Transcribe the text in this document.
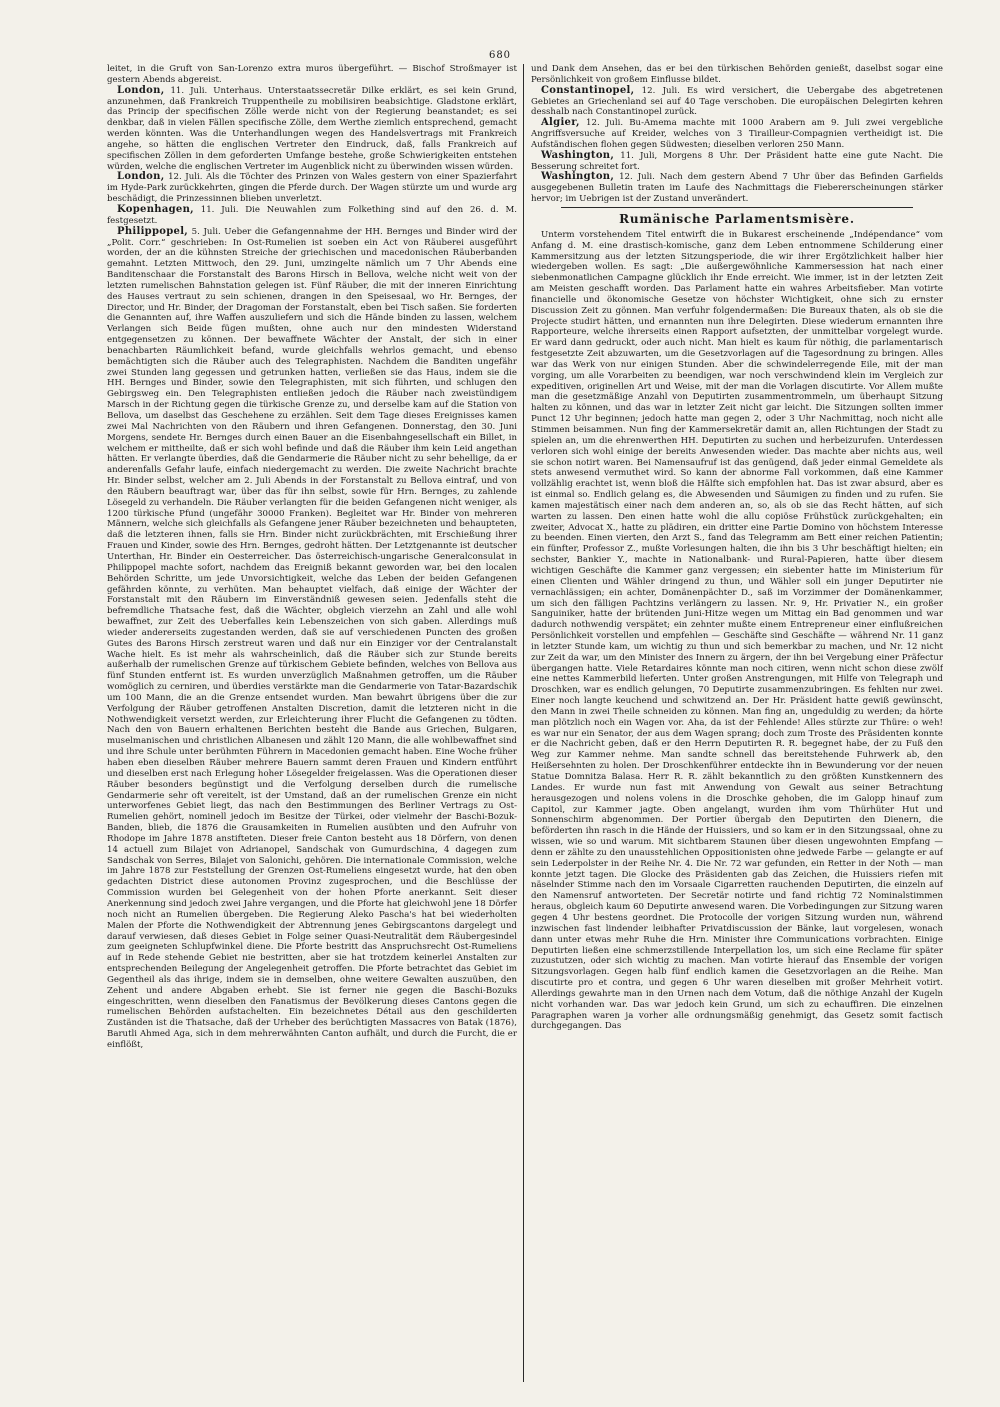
680

leitet, in die Gruft von San-Lorenzo extra muros übergeführt. — Bischof Stroßmayer ist gestern Abends abgereist.

London, 11. Juli. Unterhaus. Unterstaatssecretär Dilke erklärt, es sei kein Grund, anzunehmen, daß Frankreich Truppentheile zu mobilisiren beabsichtige. Gladstone erklärt, das Princip der specifischen Zölle werde nicht von der Regierung beanstandet; es sei denkbar, daß in vielen Fällen specifische Zölle, dem Werthe ziemlich entsprechend, gemacht werden könnten. Was die Unterhandlungen wegen des Handelsvertrags mit Frankreich angehe, so hätten die englischen Vertreter den Eindruck, daß, falls Frankreich auf specifischen Zöllen in dem geforderten Umfange bestehe, große Schwierigkeiten entstehen würden, welche die englischen Vertreter im Augenblick nicht zu überwinden wissen würden.

London, 12. Juli. Als die Töchter des Prinzen von Wales gestern von einer Spazierfahrt im Hyde-Park zurückkehrten, gingen die Pferde durch. Der Wagen stürzte um und wurde arg beschädigt, die Prinzessinnen blieben unverletzt.

Kopenhagen, 11. Juli. Die Neuwahlen zum Folkething sind auf den 26. d. M. festgesetzt.

Philippopel, 5. Juli. Ueber die Gefangennahme der HH. Bernges und Binder wird der „Polit. Corr.“ geschrieben: In Ost-Rumelien ist soeben ein Act von Räuberei ausgeführt worden, der an die kühnsten Streiche der griechischen und macedonischen Räuberbanden gemahnt. Letzten Mittwoch, den 29. Juni, umzingelte nämlich um 7 Uhr Abends eine Banditenschaar die Forstanstalt des Barons Hirsch in Bellova, welche nicht weit von der letzten rumelischen Bahnstation gelegen ist. Fünf Räuber, die mit der inneren Einrichtung des Hauses vertraut zu sein schienen, drangen in den Speisesaal, wo Hr. Bernges, der Director, und Hr. Binder, der Dragoman der Forstanstalt, eben bei Tisch saßen. Sie forderten die Genannten auf, ihre Waffen auszuliefern und sich die Hände binden zu lassen, welchem Verlangen sich Beide fügen mußten, ohne auch nur den mindesten Widerstand entgegensetzen zu können. Der bewaffnete Wächter der Anstalt, der sich in einer benachbarten Räumlichkeit befand, wurde gleichfalls wehrlos gemacht, und ebenso bemächtigten sich die Räuber auch des Telegraphisten. Nachdem die Banditen ungefähr zwei Stunden lang gegessen und getrunken hatten, verließen sie das Haus, indem sie die HH. Bernges und Binder, sowie den Telegraphisten, mit sich führten, und schlugen den Gebirgsweg ein. Den Telegraphisten entließen jedoch die Räuber nach zweistündigem Marsch in der Richtung gegen die türkische Grenze zu, und derselbe kam auf die Station von Bellova, um daselbst das Geschehene zu erzählen. Seit dem Tage dieses Ereignisses kamen zwei Mal Nachrichten von den Räubern und ihren Gefangenen. Donnerstag, den 30. Juni Morgens, sendete Hr. Bernges durch einen Bauer an die Eisenbahngesellschaft ein Billet, in welchem er mittheilte, daß er sich wohl befinde und daß die Räuber ihm kein Leid angethan hätten. Er verlangte überdies, daß die Gendarmerie die Räuber nicht zu sehr behellige, da er anderenfalls Gefahr laufe, einfach niedergemacht zu werden. Die zweite Nachricht brachte Hr. Binder selbst, welcher am 2. Juli Abends in der Forstanstalt zu Bellova eintraf, und von den Räubern beauftragt war, über das für ihn selbst, sowie für Hrn. Bernges, zu zahlende Lösegeld zu verhandeln. Die Räuber verlangten für die beiden Gefangenen nicht weniger, als 1200 türkische Pfund (ungefähr 30000 Franken). Begleitet war Hr. Binder von mehreren Männern, welche sich gleichfalls als Gefangene jener Räuber bezeichneten und behaupteten, daß die letzteren ihnen, falls sie Hrn. Binder nicht zurückbrächten, mit Erschießung ihrer Frauen und Kinder, sowie des Hrn. Bernges, gedroht hätten. Der Letztgenannte ist deutscher Unterthan, Hr. Binder ein Oesterreicher. Das österreichisch-ungarische Generalconsulat in Philippopel machte sofort, nachdem das Ereigniß bekannt geworden war, bei den localen Behörden Schritte, um jede Unvorsichtigkeit, welche das Leben der beiden Gefangenen gefährden könnte, zu verhüten. Man behauptet vielfach, daß einige der Wächter der Forstanstalt mit den Räubern im Einverständniß gewesen seien. Jedenfalls steht die befremdliche Thatsache fest, daß die Wächter, obgleich vierzehn an Zahl und alle wohl bewaffnet, zur Zeit des Ueberfalles kein Lebenszeichen von sich gaben. Allerdings muß wieder andererseits zugestanden werden, daß sie auf verschiedenen Puncten des großen Gutes des Barons Hirsch zerstreut waren und daß nur ein Einziger vor der Centralanstalt Wache hielt. Es ist mehr als wahrscheinlich, daß die Räuber sich zur Stunde bereits außerhalb der rumelischen Grenze auf türkischem Gebiete befinden, welches von Bellova aus fünf Stunden entfernt ist. Es wurden unverzüglich Maßnahmen getroffen, um die Räuber womöglich zu cerniren, und überdies verstärkte man die Gendarmerie von Tatar-Bazardschik um 100 Mann, die an die Grenze entsendet wurden. Man bewahrt übrigens über die zur Verfolgung der Räuber getroffenen Anstalten Discretion, damit die letzteren nicht in die Nothwendigkeit versetzt werden, zur Erleichterung ihrer Flucht die Gefangenen zu tödten. Nach den von Bauern erhaltenen Berichten besteht die Bande aus Griechen, Bulgaren, muselmanischen und christlichen Albanesen und zählt 120 Mann, die alle wohlbewaffnet sind und ihre Schule unter berühmten Führern in Macedonien gemacht haben. Eine Woche früher haben eben dieselben Räuber mehrere Bauern sammt deren Frauen und Kindern entführt und dieselben erst nach Erlegung hoher Lösegelder freigelassen. Was die Operationen dieser Räuber besonders begünstigt und die Verfolgung derselben durch die rumelische Gendarmerie sehr oft vereitelt, ist der Umstand, daß an der rumelischen Grenze ein nicht unterworfenes Gebiet liegt, das nach den Bestimmungen des Berliner Vertrags zu Ost-Rumelien gehört, nominell jedoch im Besitze der Türkei, oder vielmehr der Baschi-Bozuk-Banden, blieb, die 1876 die Grausamkeiten in Rumelien ausübten und den Aufruhr von Rhodope im Jahre 1878 anstifteten. Dieser freie Canton besteht aus 18 Dörfern, von denen 14 actuell zum Bilajet von Adrianopel, Sandschak von Gumurdschina, 4 dagegen zum Sandschak von Serres, Bilajet von Salonichi, gehören. Die internationale Commission, welche im Jahre 1878 zur Feststellung der Grenzen Ost-Rumeliens eingesetzt wurde, hat den oben gedachten District diese autonomen Provinz zugesprochen, und die Beschlüsse der Commission wurden bei Gelegenheit von der hohen Pforte anerkannt. Seit dieser Anerkennung sind jedoch zwei Jahre vergangen, und die Pforte hat gleichwohl jene 18 Dörfer noch nicht an Rumelien übergeben. Die Regierung Aleko Pascha's hat bei wiederholten Malen der Pforte die Nothwendigkeit der Abtrennung jenes Gebirgscantons dargelegt und darauf verwiesen, daß dieses Gebiet in Folge seiner Quasi-Neutralität dem Räubergesindel zum geeigneten Schlupfwinkel diene. Die Pforte bestritt das Anspruchsrecht Ost-Rumeliens auf in Rede stehende Gebiet nie bestritten, aber sie hat trotzdem keinerlei Anstalten zur entsprechenden Beilegung der Angelegenheit getroffen. Die Pforte betrachtet das Gebiet im Gegentheil als das ihrige, indem sie in demselben, ohne weitere Gewalten auszuüben, den Zehent und andere Abgaben erhebt. Sie ist ferner nie gegen die Baschi-Bozuks eingeschritten, wenn dieselben den Fanatismus der Bevölkerung dieses Cantons gegen die rumelischen Behörden aufstachelten. Ein bezeichnetes Détail aus den geschilderten Zuständen ist die Thatsache, daß der Urheber des berüchtigten Massacres von Batak (1876), Barutli Ahmed Aga, sich in dem mehrerwähnten Canton aufhält, und durch die Furcht, die er einflößt,

und Dank dem Ansehen, das er bei den türkischen Behörden genießt, daselbst sogar eine Persönlichkeit von großem Einflusse bildet.

Constantinopel, 12. Juli. Es wird versichert, die Uebergabe des abgetretenen Gebietes an Griechenland sei auf 40 Tage verschoben. Die europäischen Delegirten kehren desshalb nach Constantinopel zurück.

Algier, 12. Juli. Bu-Amema machte mit 1000 Arabern am 9. Juli zwei vergebliche Angriffsversuche auf Kreider, welches von 3 Tirailleur-Compagnien vertheidigt ist. Die Aufständischen flohen gegen Südwesten; dieselben verloren 250 Mann.

Washington, 11. Juli, Morgens 8 Uhr. Der Präsident hatte eine gute Nacht. Die Besserung schreitet fort.

Washington, 12. Juli. Nach dem gestern Abend 7 Uhr über das Befinden Garfields ausgegebenen Bulletin traten im Laufe des Nachmittags die Fiebererscheinungen stärker hervor; im Uebrigen ist der Zustand unverändert.

Rumänische Parlamentsmisère.

Unterm vorstehendem Titel entwirft die in Bukarest erscheinende „Indépendance“ vom Anfang d. M. eine drastisch-komische, ganz dem Leben entnommene Schilderung einer Kammersitzung aus der letzten Sitzungsperiode, die wir ihrer Ergötzlichkeit halber hier wiedergeben wollen. Es sagt: „Die außergewöhnliche Kammersession hat nach einer siebenmonatlichen Campagne glücklich ihr Ende erreicht. Wie immer, ist in der letzten Zeit am Meisten geschafft worden. Das Parlament hatte ein wahres Arbeitsfieber. Man votirte financielle und ökonomische Gesetze von höchster Wichtigkeit, ohne sich zu ernster Discussion Zeit zu gönnen. Man verfuhr folgendermaßen: Die Bureaux thaten, als ob sie die Projecte studirt hätten, und ernannten nun ihre Delegirten. Diese wiederum ernannten ihre Rapporteure, welche ihrerseits einen Rapport aufsetzten, der unmittelbar vorgelegt wurde. Er ward dann gedruckt, oder auch nicht. Man hielt es kaum für nöthig, die parlamentarisch festgesetzte Zeit abzuwarten, um die Gesetzvorlagen auf die Tagesordnung zu bringen. Alles war das Werk von nur einigen Stunden. Aber die schwindelerregende Eile, mit der man vorging, um alle Vorarbeiten zu beendigen, war noch verschwindend klein im Vergleich zur expeditiven, originellen Art und Weise, mit der man die Vorlagen discutirte. Vor Allem mußte man die gesetzmäßige Anzahl von Deputirten zusammentrommeln, um überhaupt Sitzung halten zu können, und das war in letzter Zeit nicht gar leicht. Die Sitzungen sollten immer Punct 12 Uhr beginnen; jedoch hatte man gegen 2, oder 3 Uhr Nachmittag, noch nicht alle Stimmen beisammen. Nun fing der Kammersekretär damit an, allen Richtungen der Stadt zu spielen an, um die ehrenwerthen HH. Deputirten zu suchen und herbeizurufen. Unterdessen verloren sich wohl einige der bereits Anwesenden wieder. Das machte aber nichts aus, weil sie schon notirt waren. Bei Namensaufruf ist das genügend, daß jeder einmal Gemeldete als stets anwesend vermuthet wird. So kann der abnorme Fall vorkommen, daß eine Kammer vollzählig erachtet ist, wenn bloß die Hälfte sich empfohlen hat. Das ist zwar absurd, aber es ist einmal so. Endlich gelang es, die Abwesenden und Säumigen zu finden und zu rufen. Sie kamen majestätisch einer nach dem anderen an, so, als ob sie das Recht hätten, auf sich warten zu lassen. Den einen hatte wohl die allu copiöse Frühstück zurückgehalten; ein zweiter, Advocat X., hatte zu plädiren, ein dritter eine Partie Domino von höchstem Interesse zu beenden. Einen vierten, den Arzt S., fand das Telegramm am Bett einer reichen Patientin; ein fünfter, Professor Z., mußte Vorlesungen halten, die ihn bis 3 Uhr beschäftigt hielten; ein sechster, Bankier Y., machte in Nationalbank- und Rural-Papieren, hatte über diesem wichtigen Geschäfte die Kammer ganz vergessen; ein siebenter hatte im Ministerium für einen Clienten und Wähler dringend zu thun, und Wähler soll ein junger Deputirter nie vernachlässigen; ein achter, Domänenpächter D., saß im Vorzimmer der Domänenkammer, um sich den fälligen Pachtzins verlängern zu lassen. Nr. 9, Hr. Privatier N., ein großer Sanguiniker, hatte der brütenden Juni-Hitze wegen um Mittag ein Bad genommen und war dadurch nothwendig verspätet; ein zehnter mußte einem Entrepreneur einer einflußreichen Persönlichkeit vorstellen und empfehlen — Geschäfte sind Geschäfte — während Nr. 11 ganz in letzter Stunde kam, um wichtig zu thun und sich bemerkbar zu machen, und Nr. 12 nicht zur Zeit da war, um den Minister des Innern zu ärgern, der ihn bei Vergebung einer Präfectur übergangen hatte. Viele Retardaires könnte man noch citiren, wenn nicht schon diese zwölf eine nettes Kammerbild lieferten. Unter großen Anstrengungen, mit Hilfe von Telegraph und Droschken, war es endlich gelungen, 70 Deputirte zusammenzubringen. Es fehlten nur zwei. Einer noch langte keuchend und schwitzend an. Der Hr. Präsident hatte gewiß gewünscht, den Mann in zwei Theile schneiden zu können. Man fing an, ungeduldig zu werden; da hörte man plötzlich noch ein Wagen vor. Aha, da ist der Fehlende! Alles stürzte zur Thüre: o weh! es war nur ein Senator, der aus dem Wagen sprang; doch zum Troste des Präsidenten konnte er die Nachricht geben, daß er den Herrn Deputirten R. R. begegnet habe, der zu Fuß den Weg zur Kammer nehme. Man sandte schnell das bereitstehende Fuhrwerk ab, den Heißersehnten zu holen. Der Droschkenführer entdeckte ihn in Bewunderung vor der neuen Statue Domnitza Balasa. Herr R. R. zählt bekanntlich zu den größten Kunstkennern des Landes. Er wurde nun fast mit Anwendung von Gewalt aus seiner Betrachtung herausgezogen und nolens volens in die Droschke gehoben, die im Galopp hinauf zum Capitol, zur Kammer jagte. Oben angelangt, wurden ihm vom Thürhüter Hut und Sonnenschirm abgenommen. Der Portier übergab den Deputirten den Dienern, die beförderten ihn rasch in die Hände der Huissiers, und so kam er in den Sitzungssaal, ohne zu wissen, wie so und warum. Mit sichtbarem Staunen über diesen ungewohnten Empfang — denn er zählte zu den unausstehlichen Oppositionisten ohne jedwede Farbe — gelangte er auf sein Lederpolster in der Reihe Nr. 4. Die Nr. 72 war gefunden, ein Retter in der Noth — man konnte jetzt tagen. Die Glocke des Präsidenten gab das Zeichen, die Huissiers riefen mit näselnder Stimme nach den im Vorsaale Cigarretten rauchenden Deputirten, die einzeln auf den Namensruf antworteten. Der Secretär notirte und fand richtig 72 Nominalstimmen heraus, obgleich kaum 60 Deputirte anwesend waren. Die Vorbedingungen zur Sitzung waren gegen 4 Uhr bestens geordnet. Die Protocolle der vorigen Sitzung wurden nun, während inzwischen fast lindender leibhafter Privatdiscussion der Bänke, laut vorgelesen, wonach dann unter etwas mehr Ruhe die Hrn. Minister ihre Communications vorbrachten. Einige Deputirten ließen eine schmerzstillende Interpellation los, um sich eine Reclame für später zuzustutzen, oder sich wichtig zu machen. Man votirte hierauf das Ensemble der vorigen Sitzungsvorlagen. Gegen halb fünf endlich kamen die Gesetzvorlagen an die Reihe. Man discutirte pro et contra, und gegen 6 Uhr waren dieselben mit großer Mehrheit votirt. Allerdings gewahrte man in den Urnen nach dem Votum, daß die nöthige Anzahl der Kugeln nicht vorhanden war. Das war jedoch kein Grund, um sich zu echauffiren. Die einzelnen Paragraphen waren ja vorher alle ordnungsmäßig genehmigt, das Gesetz somit factisch durchgegangen. Das
